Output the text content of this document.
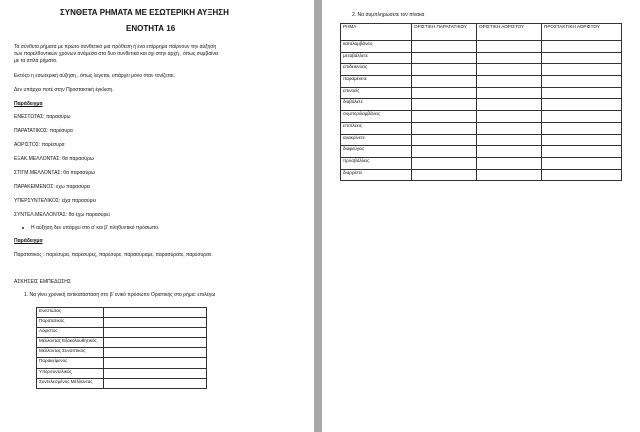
ΣΥΝΘΕΤΑ ΡΗΜΑΤΑ ΜΕ ΕΣΩΤΕΡΙΚΗ ΑΥΞΗΣΗ
ΕΝΟΤΗΤΑ 16
Τα σύνθετα ρήματα με πρώτο συνθετικό μια πρόθεση ή ένα επίρρημα παίρνουν την αύξηση
των παρελθοντικών χρόνων ανάμεσα στα δυο συνθετικά και όχι στην αρχή , όπως συμβαίνει
με τα απλά ρήματα.
Εκτόςο η εσωτερική αύξηση , όπως λέγεται, υπάρχει μόνο όταν τονίζεται.
Δεν υπάρχει ποτέ στην Προστακτική έγκλιση.
Παράδειγμα
ΕΝΕΣΤΩΤΑΣ: παρασύρω
ΠΑΡΑΤΑΤΙΚΟΣ: παρέσυρα
ΑΟΡΙΣΤΟΣ: παρέσυρα
ΕΞΑΚ.ΜΕΛΛΟΝΤΑΣ: θα παρασύρω
ΣΤΙΓΜ.ΜΕΛΛΟΝΤΑΣ: θα παρασύρω
ΠΑΡΑΚΕΙΜΕΝΟΣ: έχω παρασύρει
ΥΠΕΡΣΥΝΤΕΛΙΚΟΣ: είχα παρασύρει
ΣΥΝΤΕΛ.ΜΕΛΛΟΝΤΑΣ: θα έχω παρασύρει
Η αύξηση δεν υπάρχει στο α' και β' πληθυντικό πρόσωπο.
Παράδειγμα
Παρατατικός : παρέσυρα, παρέσυρες, παρέσυρε, παρασύραμε, παρασύρατε, παρέσυραν.
ΑΣΚΗΣΕΙΣ ΕΜΠΕΔΩΣΗΣ
1. Να γίνει χρονική αντικατάσταση στο β' ενικό πρόσωπο Οριστικής στο ρήμα: επιλέγω
Ενεστώτας	
Παρατατικός	
Αόριστος	
Μέλλοντας Εξακολουθητικός	
Μέλλοντας Συνοπτικός	
Παρακείμενος	
Υπερσυντελικός	
Συντελεσμένος Μέλλοντας	
2. Να συμπληρώσετε τον πίνακα
ΡΗΜΑ	ΟΡΙΣΤΙΚΗ ΠΑΡΑΤΑΤΙΚΟΥ	ΟΡΙΣΤΙΚΗ ΑΟΡΙΣΤΟΥ	ΠΡΟΣΤΑΚΤΙΚΗ ΑΟΡΙΣΤΟΥ
καταλαμβάνεις			
μεταβάλλετε			
επιδεικνύεις			
παραμένετε			
επινοείς			
διαβάλετε			
συμπεριλαμβάνεις			
επιπλέεις			
ανακρίνετε			
διαφεύγεις			
προσβάλλεις			
διαρρέετε			
